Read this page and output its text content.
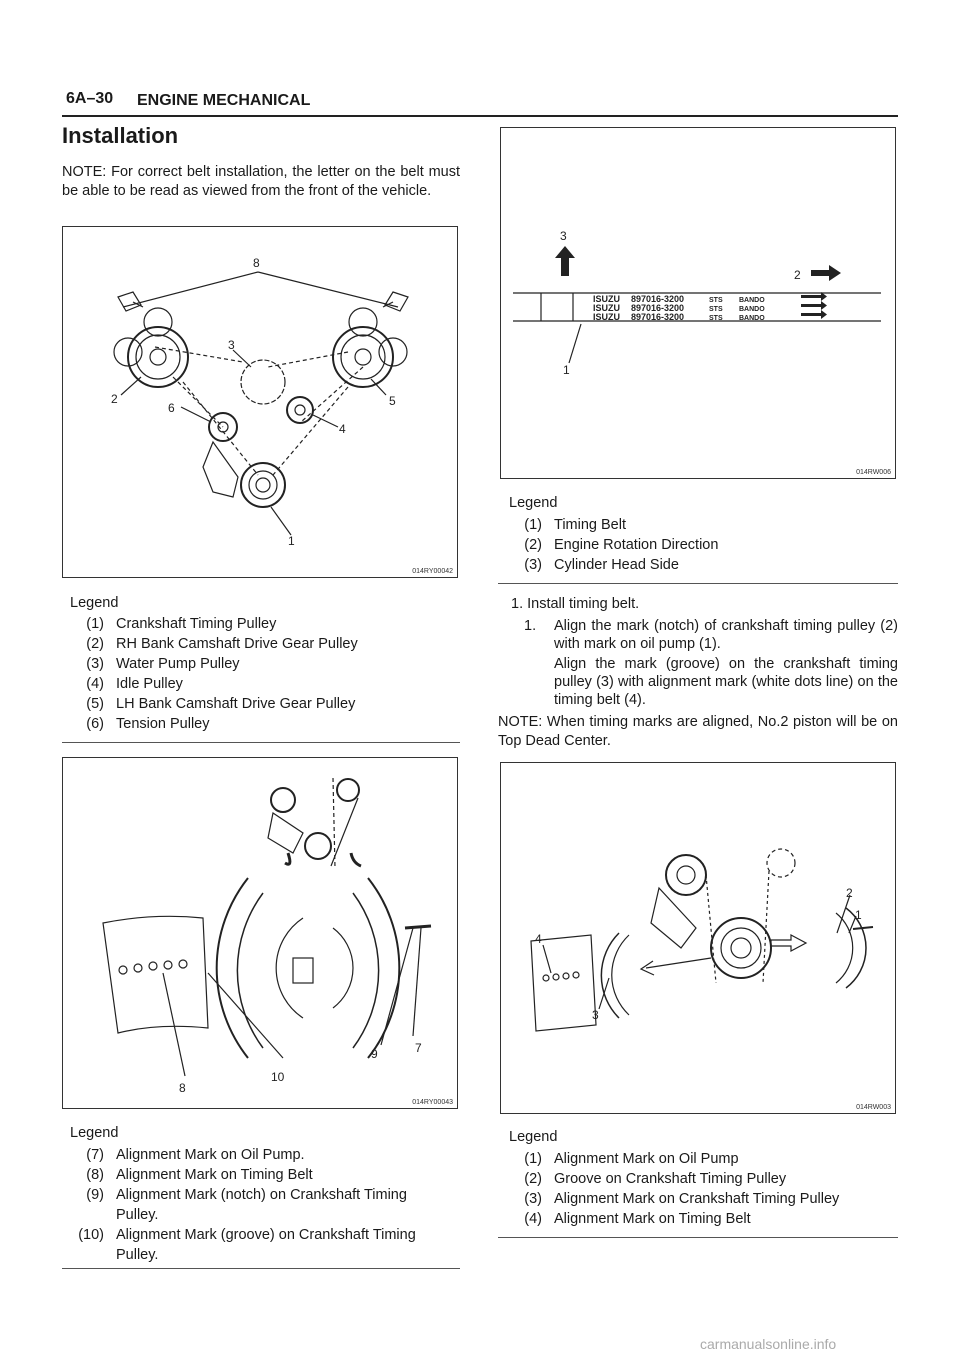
6A–30 ENGINE MECHANICAL
Installation
NOTE: For correct belt installation, the letter on the belt must be able to be read as viewed from the front of the vehicle.
8
3
2
6	5
4
1
014RY00042
Legend
(1) Crankshaft Timing Pulley
(2) RH Bank Camshaft Drive Gear Pulley
(3) Water Pump Pulley
(4) Idle Pulley
(5) LH Bank Camshaft Drive Gear Pulley
(6) Tension Pulley
9	7
8
10
014RY00043
Legend
(7) Alignment Mark on Oil Pump.
(8) Alignment Mark on Timing Belt
(9) Alignment Mark (notch) on Crankshaft Timing Pulley.
(10) Alignment Mark (groove) on Crankshaft Timing Pulley.
ISUZU
ISUZU
ISUZU
897016-3200
897016-3200
897016-3200
BANDO
BANDO
BANDO
STS
STS
STS
3
2
1
014RW006
Legend
(1) Timing Belt
(2) Engine Rotation Direction
(3) Cylinder Head Side
1. Install timing belt.
1. Align the mark (notch) of crankshaft timing pulley (2) with mark on oil pump (1).
Align the mark (groove) on the crankshaft timing pulley (3) with alignment mark (white dots line) on the timing belt (4).
NOTE: When timing marks are aligned, No.2 piston will be on Top Dead Center.
2
1
4
3
014RW003
Legend
(1) Alignment Mark on Oil Pump
(2) Groove on Crankshaft Timing Pulley
(3) Alignment Mark on Crankshaft Timing Pulley
(4) Alignment Mark on Timing Belt
carmanualsonline.info
